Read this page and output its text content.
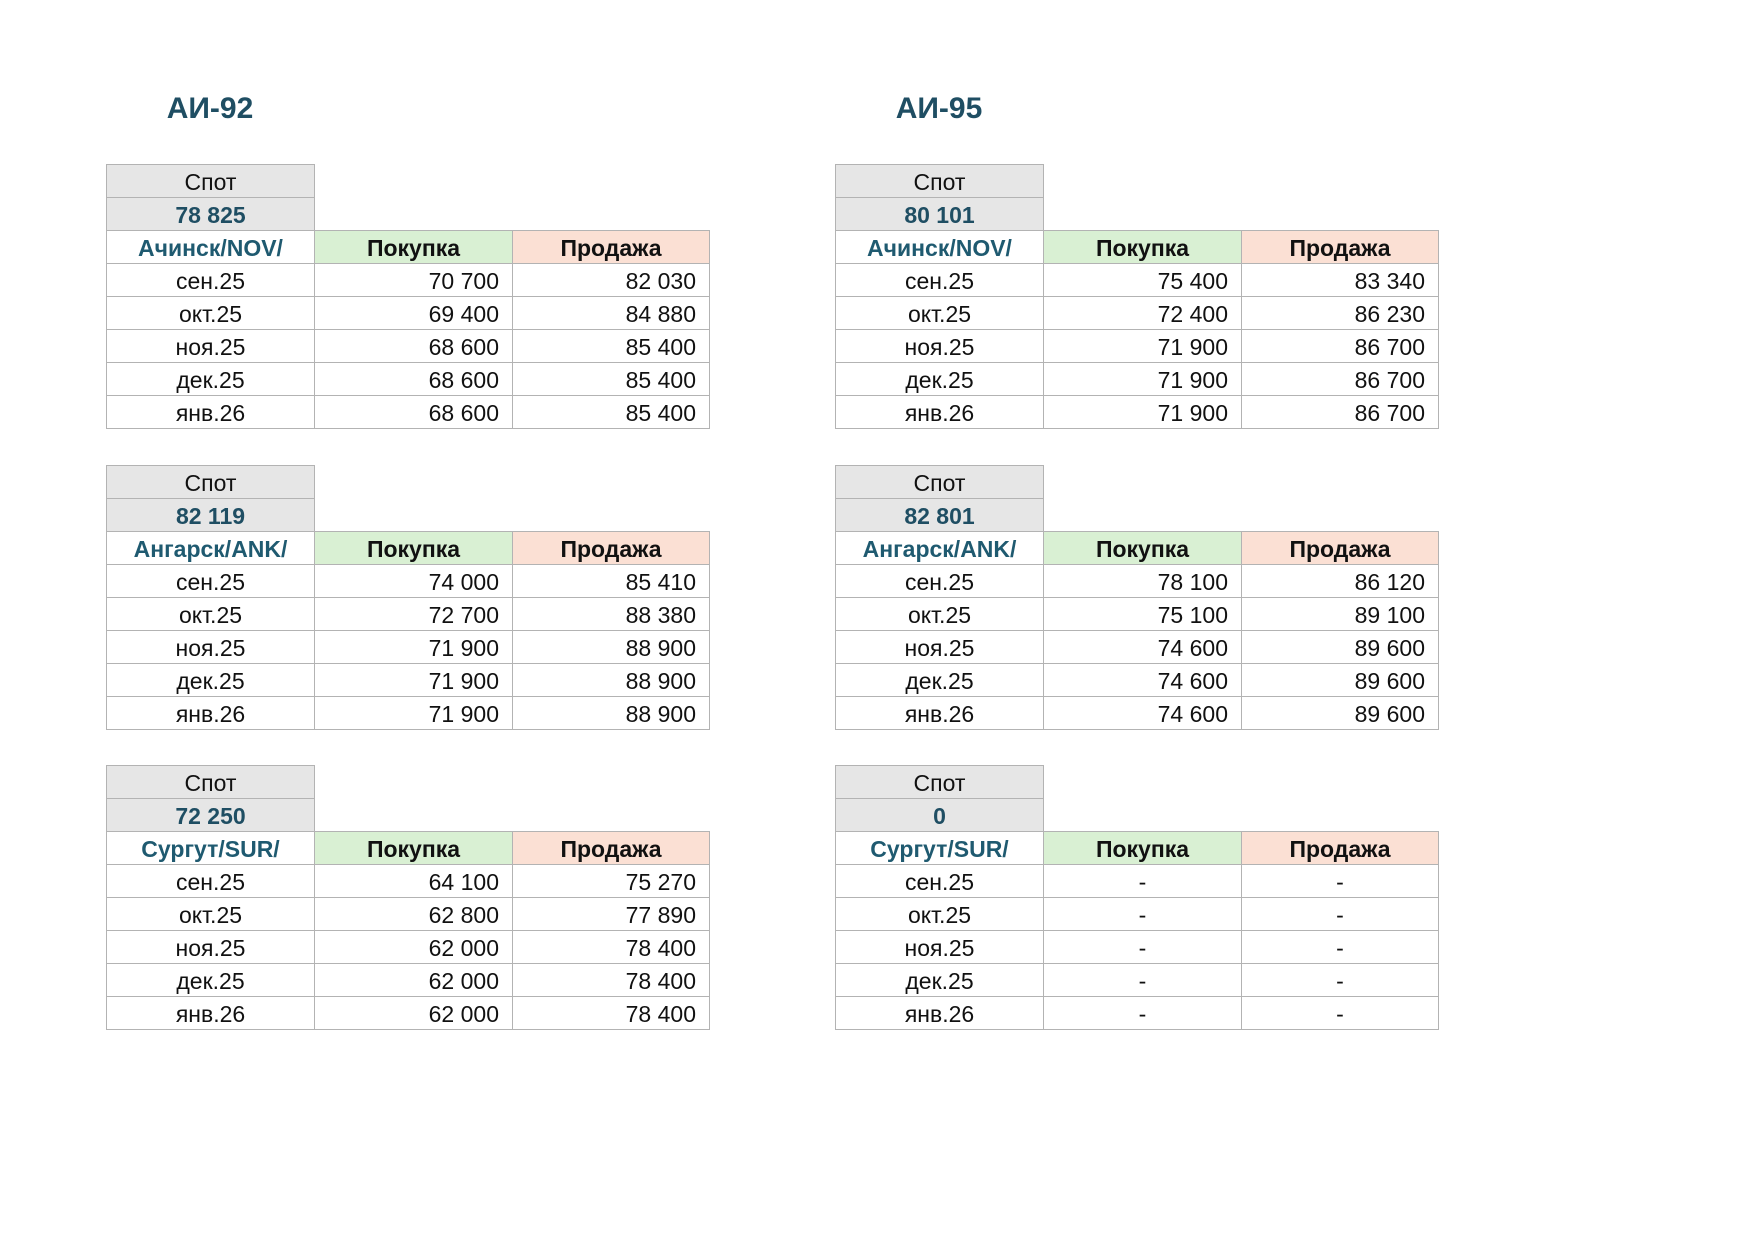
АИ-92
Спот
78 825
Ачинск/NOV/	Покупка	Продажа
сен.25	70 700	82 030
окт.25	69 400	84 880
ноя.25	68 600	85 400
дек.25	68 600	85 400
янв.26	68 600	85 400
Спот
82 119
Ангарск/ANK/	Покупка	Продажа
сен.25	74 000	85 410
окт.25	72 700	88 380
ноя.25	71 900	88 900
дек.25	71 900	88 900
янв.26	71 900	88 900
Спот
72 250
Сургут/SUR/	Покупка	Продажа
сен.25	64 100	75 270
окт.25	62 800	77 890
ноя.25	62 000	78 400
дек.25	62 000	78 400
янв.26	62 000	78 400
АИ-95
Спот
80 101
Ачинск/NOV/	Покупка	Продажа
сен.25	75 400	83 340
окт.25	72 400	86 230
ноя.25	71 900	86 700
дек.25	71 900	86 700
янв.26	71 900	86 700
Спот
82 801
Ангарск/ANK/	Покупка	Продажа
сен.25	78 100	86 120
окт.25	75 100	89 100
ноя.25	74 600	89 600
дек.25	74 600	89 600
янв.26	74 600	89 600
Спот
0
Сургут/SUR/	Покупка	Продажа
сен.25	-	-
окт.25	-	-
ноя.25	-	-
дек.25	-	-
янв.26	-	-
